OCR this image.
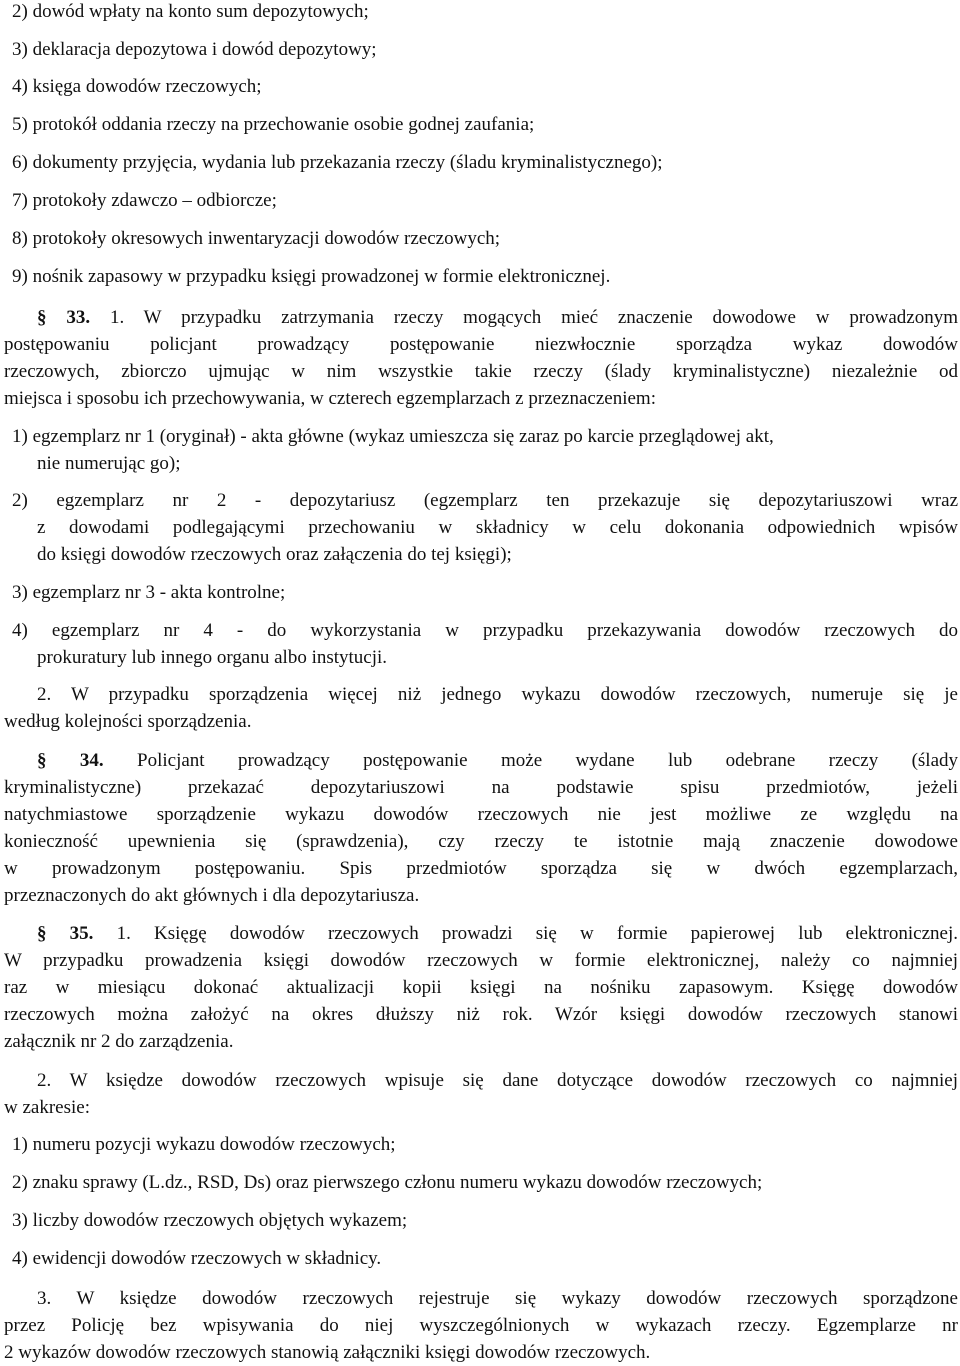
2) dowód wpłaty na konto sum depozytowych;
3) deklaracja depozytowa i dowód depozytowy;
4) księga dowodów rzeczowych;
5) protokół oddania rzeczy na przechowanie osobie godnej zaufania;
6) dokumenty przyjęcia, wydania lub przekazania rzeczy (śladu kryminalistycznego);
7) protokoły zdawczo – odbiorcze;
8) protokoły okresowych inwentaryzacji dowodów rzeczowych;
9) nośnik zapasowy w przypadku księgi prowadzonej w formie elektronicznej.
§ 33. 1. W przypadku zatrzymania rzeczy mogących mieć znaczenie dowodowe w prowadzonym
postępowaniu policjant prowadzący postępowanie niezwłocznie sporządza wykaz dowodów
rzeczowych, zbiorczo ujmując w nim wszystkie takie rzeczy (ślady kryminalistyczne) niezależnie od
miejsca i sposobu ich przechowywania, w czterech egzemplarzach z przeznaczeniem:
1) egzemplarz nr 1 (oryginał) - akta główne (wykaz umieszcza się zaraz po karcie przeglądowej akt,
nie numerując go);
2) egzemplarz nr 2 - depozytariusz (egzemplarz ten przekazuje się depozytariuszowi wraz
z dowodami podlegającymi przechowaniu w składnicy w celu dokonania odpowiednich wpisów
do księgi dowodów rzeczowych oraz załączenia do tej księgi);
3) egzemplarz nr 3 - akta kontrolne;
4) egzemplarz nr 4 - do wykorzystania w przypadku przekazywania dowodów rzeczowych do
prokuratury lub innego organu albo instytucji.
2. W przypadku sporządzenia więcej niż jednego wykazu dowodów rzeczowych, numeruje się je
według kolejności sporządzenia.
§ 34. Policjant prowadzący postępowanie może wydane lub odebrane rzeczy (ślady
kryminalistyczne) przekazać depozytariuszowi na podstawie spisu przedmiotów, jeżeli
natychmiastowe sporządzenie wykazu dowodów rzeczowych nie jest możliwe ze względu na
konieczność upewnienia się (sprawdzenia), czy rzeczy te istotnie mają znaczenie dowodowe
w prowadzonym postępowaniu. Spis przedmiotów sporządza się w dwóch egzemplarzach,
przeznaczonych do akt głównych i dla depozytariusza.
§ 35. 1. Księgę dowodów rzeczowych prowadzi się w formie papierowej lub elektronicznej.
W przypadku prowadzenia księgi dowodów rzeczowych w formie elektronicznej, należy co najmniej
raz w miesiącu dokonać aktualizacji kopii księgi na nośniku zapasowym. Księgę dowodów
rzeczowych można założyć na okres dłuższy niż rok. Wzór księgi dowodów rzeczowych stanowi
załącznik nr 2 do zarządzenia.
2. W księdze dowodów rzeczowych wpisuje się dane dotyczące dowodów rzeczowych co najmniej
w zakresie:
1) numeru pozycji wykazu dowodów rzeczowych;
2) znaku sprawy (L.dz., RSD, Ds) oraz pierwszego członu numeru wykazu dowodów rzeczowych;
3) liczby dowodów rzeczowych objętych wykazem;
4) ewidencji dowodów rzeczowych w składnicy.
3. W księdze dowodów rzeczowych rejestruje się wykazy dowodów rzeczowych sporządzone
przez Policję bez wpisywania do niej wyszczególnionych w wykazach rzeczy. Egzemplarze nr
2 wykazów dowodów rzeczowych stanowią załączniki księgi dowodów rzeczowych.
